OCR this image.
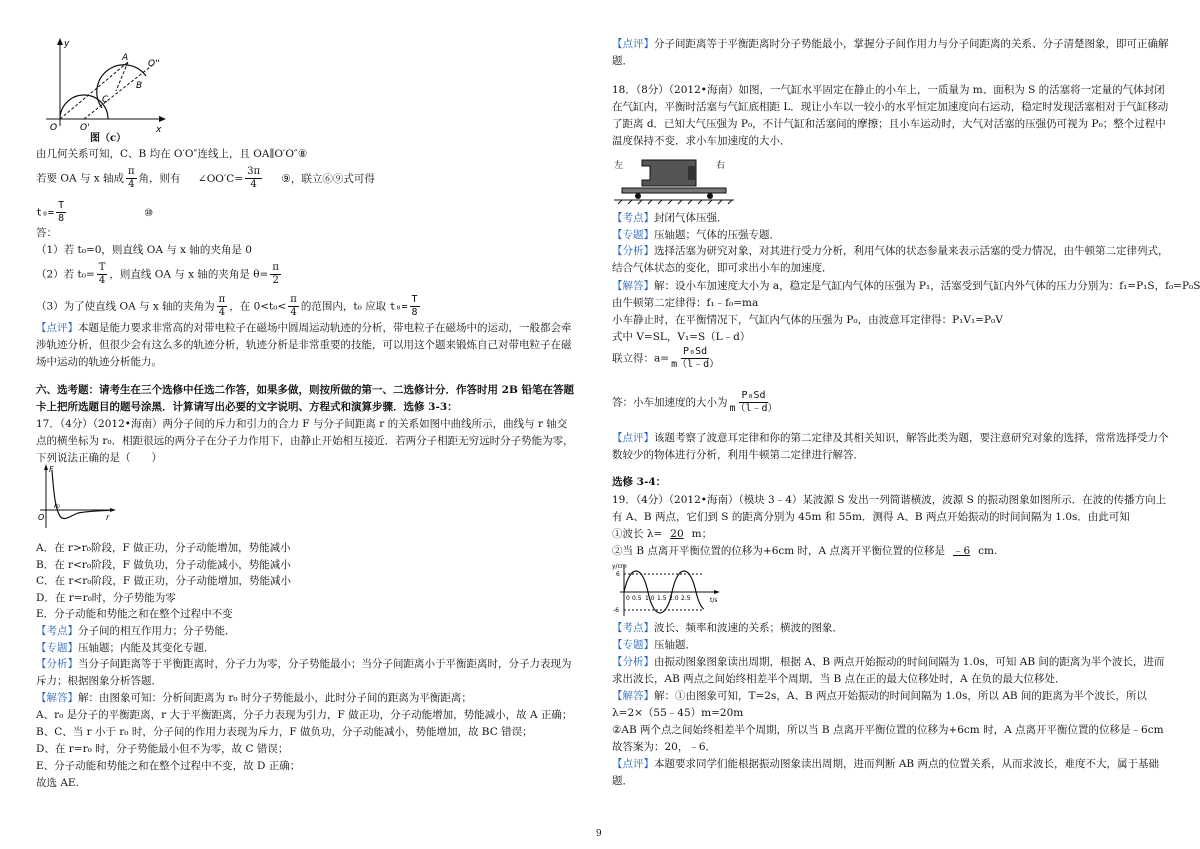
y
x
O	O'
A
B
C
O''
图（c）

由几何关系可知，C、B 均在 O′O″连线上，且 OA∥O′O″⑧

若要 OA 与 x 轴成 $\frac{\pi}{4}$ 角，则有 ∠OO′C= $\frac{3\pi}{4}$ ⑨，联立⑥⑨式可得
$t_0= \frac{T}{8}$	⑩

答：

（1）若 t₀=0，则直线 OA 与 x 轴的夹角是 0

（2）若 $t_0= \frac{T}{4}$ ，则直线 OA 与 x 轴的夹角是 $\theta= \frac{\pi}{2}$
（3）为了使直线 OA 与 x 轴的夹角为 $\frac{\pi}{4}$ ，在 $0<t_0< \frac{\pi}{4}$ 的范围内，t₀ 应取 $t_0= \frac{T}{8}$

【点评】本题是能力要求非常高的对带电粒子在磁场中圆周运动轨迹的分析，带电粒子在磁场中的运动，一般都会牵涉轨迹分析，但很少会有这么多的轨迹分析，轨迹分析是非常重要的技能，可以用这个题来锻炼自己对带电粒子在磁场中运动的轨迹分析能力。

六、选考题：请考生在三个选修中任选二作答，如果多做，则按所做的第一、二选修计分．作答时用 2B 铅笔在答题卡上把所选题目的题号涂黑．计算请写出必要的文字说明、方程式和演算步骤．选修 3-3：

17．（4分）（2012•海南）两分子间的斥力和引力的合力 F 与分子间距离 r 的关系如图中曲线所示，曲线与 r 轴交点的横坐标为 r₀．相距很远的两分子在分子力作用下，由静止开始相互接近．若两分子相距无穷远时分子势能为零，下列说法正确的是（　　）

F
O
r₀
r

A．在 r>r₀阶段，F 做正功，分子动能增加，势能减小

B．在 r<r₀阶段，F 做负功，分子动能减小，势能减小

C．在 r<r₀阶段，F 做正功，分子动能增加，势能减小

D．在 r=r₀时，分子势能为零

E．分子动能和势能之和在整个过程中不变

【考点】分子间的相互作用力；分子势能．

【专题】压轴题；内能及其变化专题．

【分析】当分子间距离等于平衡距离时，分子力为零，分子势能最小；当分子间距离小于平衡距离时，分子力表现为斥力；根据图象分析答题．

【解答】解：由图象可知：分析间距离为 r₀ 时分子势能最小，此时分子间的距离为平衡距离；

A、r₀ 是分子的平衡距离，r 大于平衡距离，分子力表现为引力，F 做正功，分子动能增加，势能减小，故 A 正确；

B、C、当 r 小于 r₀ 时，分子间的作用力表现为斥力，F 做负功，分子动能减小，势能增加，故 BC 错误；

D、在 r=r₀ 时，分子势能最小但不为零，故 C 错误；

E、分子动能和势能之和在整个过程中不变，故 D 正确；

故选 AE.

【点评】分子间距离等于平衡距离时分子势能最小，掌握分子间作用力与分子间距离的关系、分子清楚图象，即可正确解题．

18．（8分）（2012•海南）如图，一气缸水平固定在静止的小车上，一质量为 m、面积为 S 的活塞将一定量的气体封闭在气缸内，平衡时活塞与气缸底相距 L．现让小车以一较小的水平恒定加速度向右运动，稳定时发现活塞相对于气缸移动了距离 d．已知大气压强为 P₀，不计气缸和活塞间的摩擦；且小车运动时，大气对活塞的压强仍可视为 P₀；整个过程中温度保持不变．求小车加速度的大小．

左	右

【考点】封闭气体压强．

【专题】压轴题；气体的压强专题．

【分析】选择活塞为研究对象，对其进行受力分析，利用气体的状态参量来表示活塞的受力情况，由牛顿第二定律列式，结合气体状态的变化，即可求出小车的加速度．

【解答】解：设小车加速度大小为 a，稳定是气缸内气体的压强为 P₁，活塞受到气缸内外气体的压力分别为：f₁=P₁S，f₀=P₀S

由牛顿第二定律得：f₁﹣f₀=ma

小车静止时，在平衡情况下，气缸内气体的压强为 P₀，由波意耳定律得：P₁V₁=P₀V

式中 V=SL，V₁=S（L﹣d）

联立得：$a= \frac{\text{P₀Sd}}{m(l﹣d)}$
答：小车加速度的大小为 $\frac{\text{P₀Sd}}{m(l﹣d)}$

【点评】该题考察了波意耳定律和你的第二定律及其相关知识，解答此类为题，要注意研究对象的选择，常常选择受力个数较少的物体进行分析，利用牛顿第二定律进行解答．

选修 3-4：

19．（4分）（2012•海南）（模块 3﹣4）某波源 S 发出一列简谐横波，波源 S 的振动图象如图所示．在波的传播方向上有 A、B 两点，它们到 S 的距离分别为 45m 和 55m．测得 A、B 两点开始振动的时间间隔为 1.0s．由此可知

①波长 λ= 20 m；
②当 B 点离开平衡位置的位移为+6cm 时，A 点离开平衡位置的位移是 ﹣6 cm.
y/cm
t/s
6
-6
0 0.5 1.0 1.5 2.0 2.5

【考点】波长、频率和波速的关系；横波的图象．

【专题】压轴题．

【分析】由振动图象图象读出周期，根据 A、B 两点开始振动的时间间隔为 1.0s，可知 AB 间的距离为半个波长，进而求出波长，AB 两点之间始终相差半个周期，当 B 点在正的最大位移处时，A 在负的最大位移处．

【解答】解：①由图象可知，T=2s，A、B 两点开始振动的时间间隔为 1.0s，所以 AB 间的距离为半个波长，所以 λ=2×（55﹣45）m=20m

②AB 两个点之间始终相差半个周期，所以当 B 点离开平衡位置的位移为+6cm 时，A 点离开平衡位置的位移是﹣6cm

故答案为：20，﹣6．

【点评】本题要求同学们能根据振动图象读出周期，进而判断 AB 两点的位置关系，从而求波长，难度不大，属于基础题．

9
